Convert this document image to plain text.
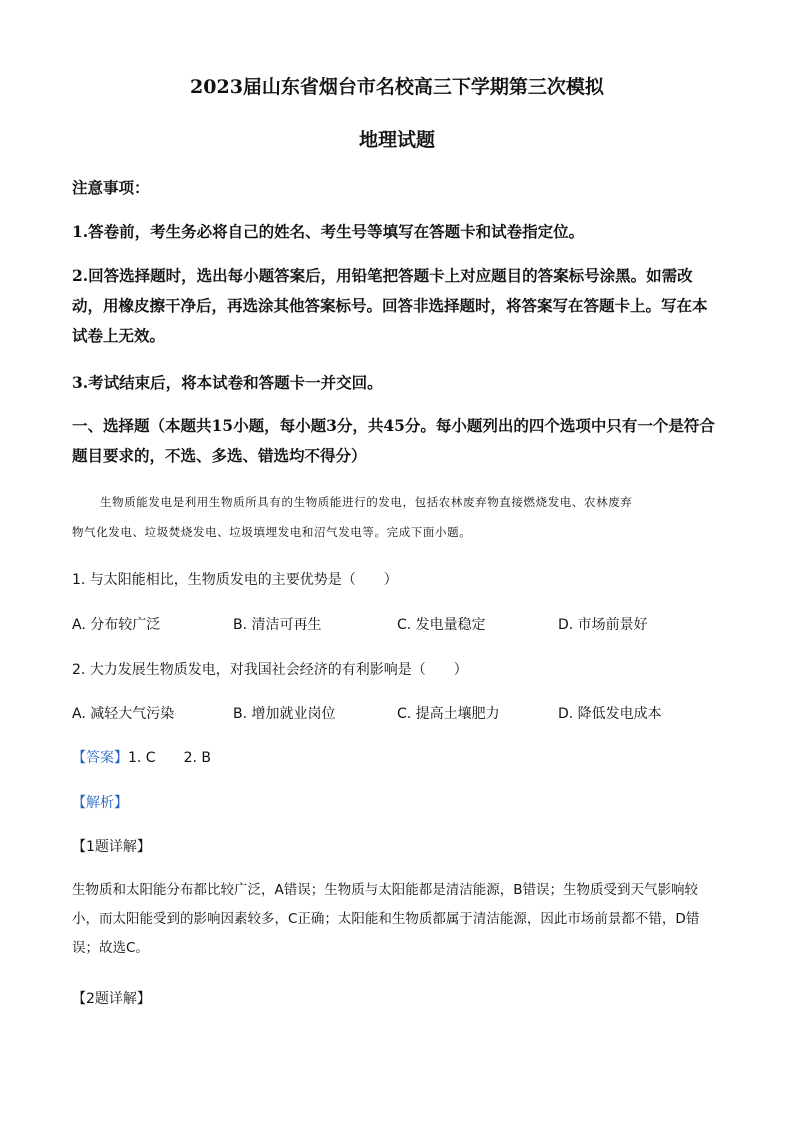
2023届山东省烟台市名校高三下学期第三次模拟
地理试题
注意事项：
1.答卷前，考生务必将自己的姓名、考生号等填写在答题卡和试卷指定位。
2.回答选择题时，选出每小题答案后，用铅笔把答题卡上对应题目的答案标号涂黑。如需改动，用橡皮擦干净后，再选涂其他答案标号。回答非选择题时，将答案写在答题卡上。写在本试卷上无效。
3.考试结束后，将本试卷和答题卡一并交回。
一、选择题（本题共15小题，每小题3分，共45分。每小题列出的四个选项中只有一个是符合题目要求的，不选、多选、错选均不得分）
生物质能发电是利用生物质所具有的生物质能进行的发电，包括农林废弃物直接燃烧发电、农林废弃
物气化发电、垃圾焚烧发电、垃圾填埋发电和沼气发电等。完成下面小题。
1. 与太阳能相比，生物质发电的主要优势是（　　）
A. 分布较广泛	B. 清洁可再生	C. 发电量稳定	D. 市场前景好
2. 大力发展生物质发电，对我国社会经济的有利影响是（　　）
A. 减轻大气污染	B. 增加就业岗位	C. 提高土壤肥力	D. 降低发电成本
【答案】1. C　　2. B
【解析】
【1题详解】
生物质和太阳能分布都比较广泛，A错误；生物质与太阳能都是清洁能源，B错误；生物质受到天气影响较小，而太阳能受到的影响因素较多，C正确；太阳能和生物质都属于清洁能源，因此市场前景都不错，D错误；故选C。
【2题详解】
